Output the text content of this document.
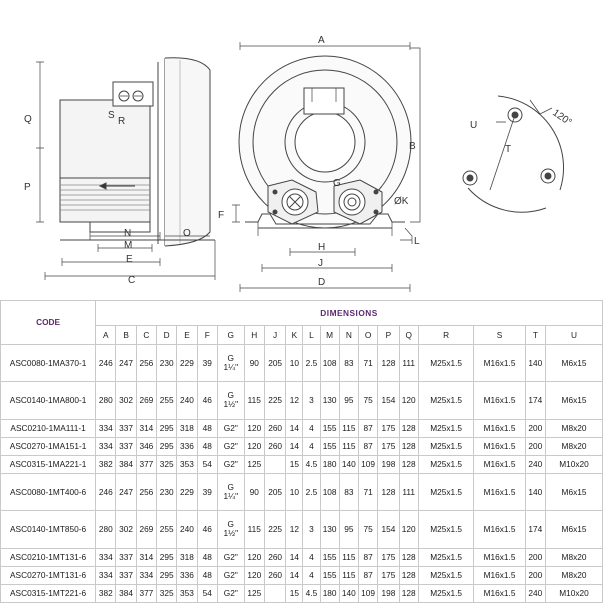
S
R
Q
P
N
M
E
C
O
A
B
G
H
J
D
F
L
ØK
U
T
120°
CODE	DIMENSIONS																			
	A	B	C	D	E	F	G	H	J	K	L	M	N	O	P	Q	R	S	T	U
ASC0080-1MA370-1	246	247	256	230	229	39	G
1¼"	90	205	10	2.5	108	83	71	128	111	M25x1.5	M16x1.5	140	M6x15
ASC0140-1MA800-1	280	302	269	255	240	46	G
1½"	115	225	12	3	130	95	75	154	120	M25x1.5	M16x1.5	174	M6x15
ASC0210-1MA111-1	334	337	314	295	318	48	G2"	120	260	14	4	155	115	87	175	128	M25x1.5	M16x1.5	200	M8x20
ASC0270-1MA151-1	334	337	346	295	336	48	G2"	120	260	14	4	155	115	87	175	128	M25x1.5	M16x1.5	200	M8x20
ASC0315-1MA221-1	382	384	377	325	353	54	G2"	125		15	4.5	180	140	109	198	128	M25x1.5	M16x1.5	240	M10x20
ASC0080-1MT400-6	246	247	256	230	229	39	G
1¼"	90	205	10	2.5	108	83	71	128	111	M25x1.5	M16x1.5	140	M6x15
ASC0140-1MT850-6	280	302	269	255	240	46	G
1½"	115	225	12	3	130	95	75	154	120	M25x1.5	M16x1.5	174	M6x15
ASC0210-1MT131-6	334	337	314	295	318	48	G2"	120	260	14	4	155	115	87	175	128	M25x1.5	M16x1.5	200	M8x20
ASC0270-1MT131-6	334	337	334	295	336	48	G2"	120	260	14	4	155	115	87	175	128	M25x1.5	M16x1.5	200	M8x20
ASC0315-1MT221-6	382	384	377	325	353	54	G2"	125		15	4.5	180	140	109	198	128	M25x1.5	M16x1.5	240	M10x20
